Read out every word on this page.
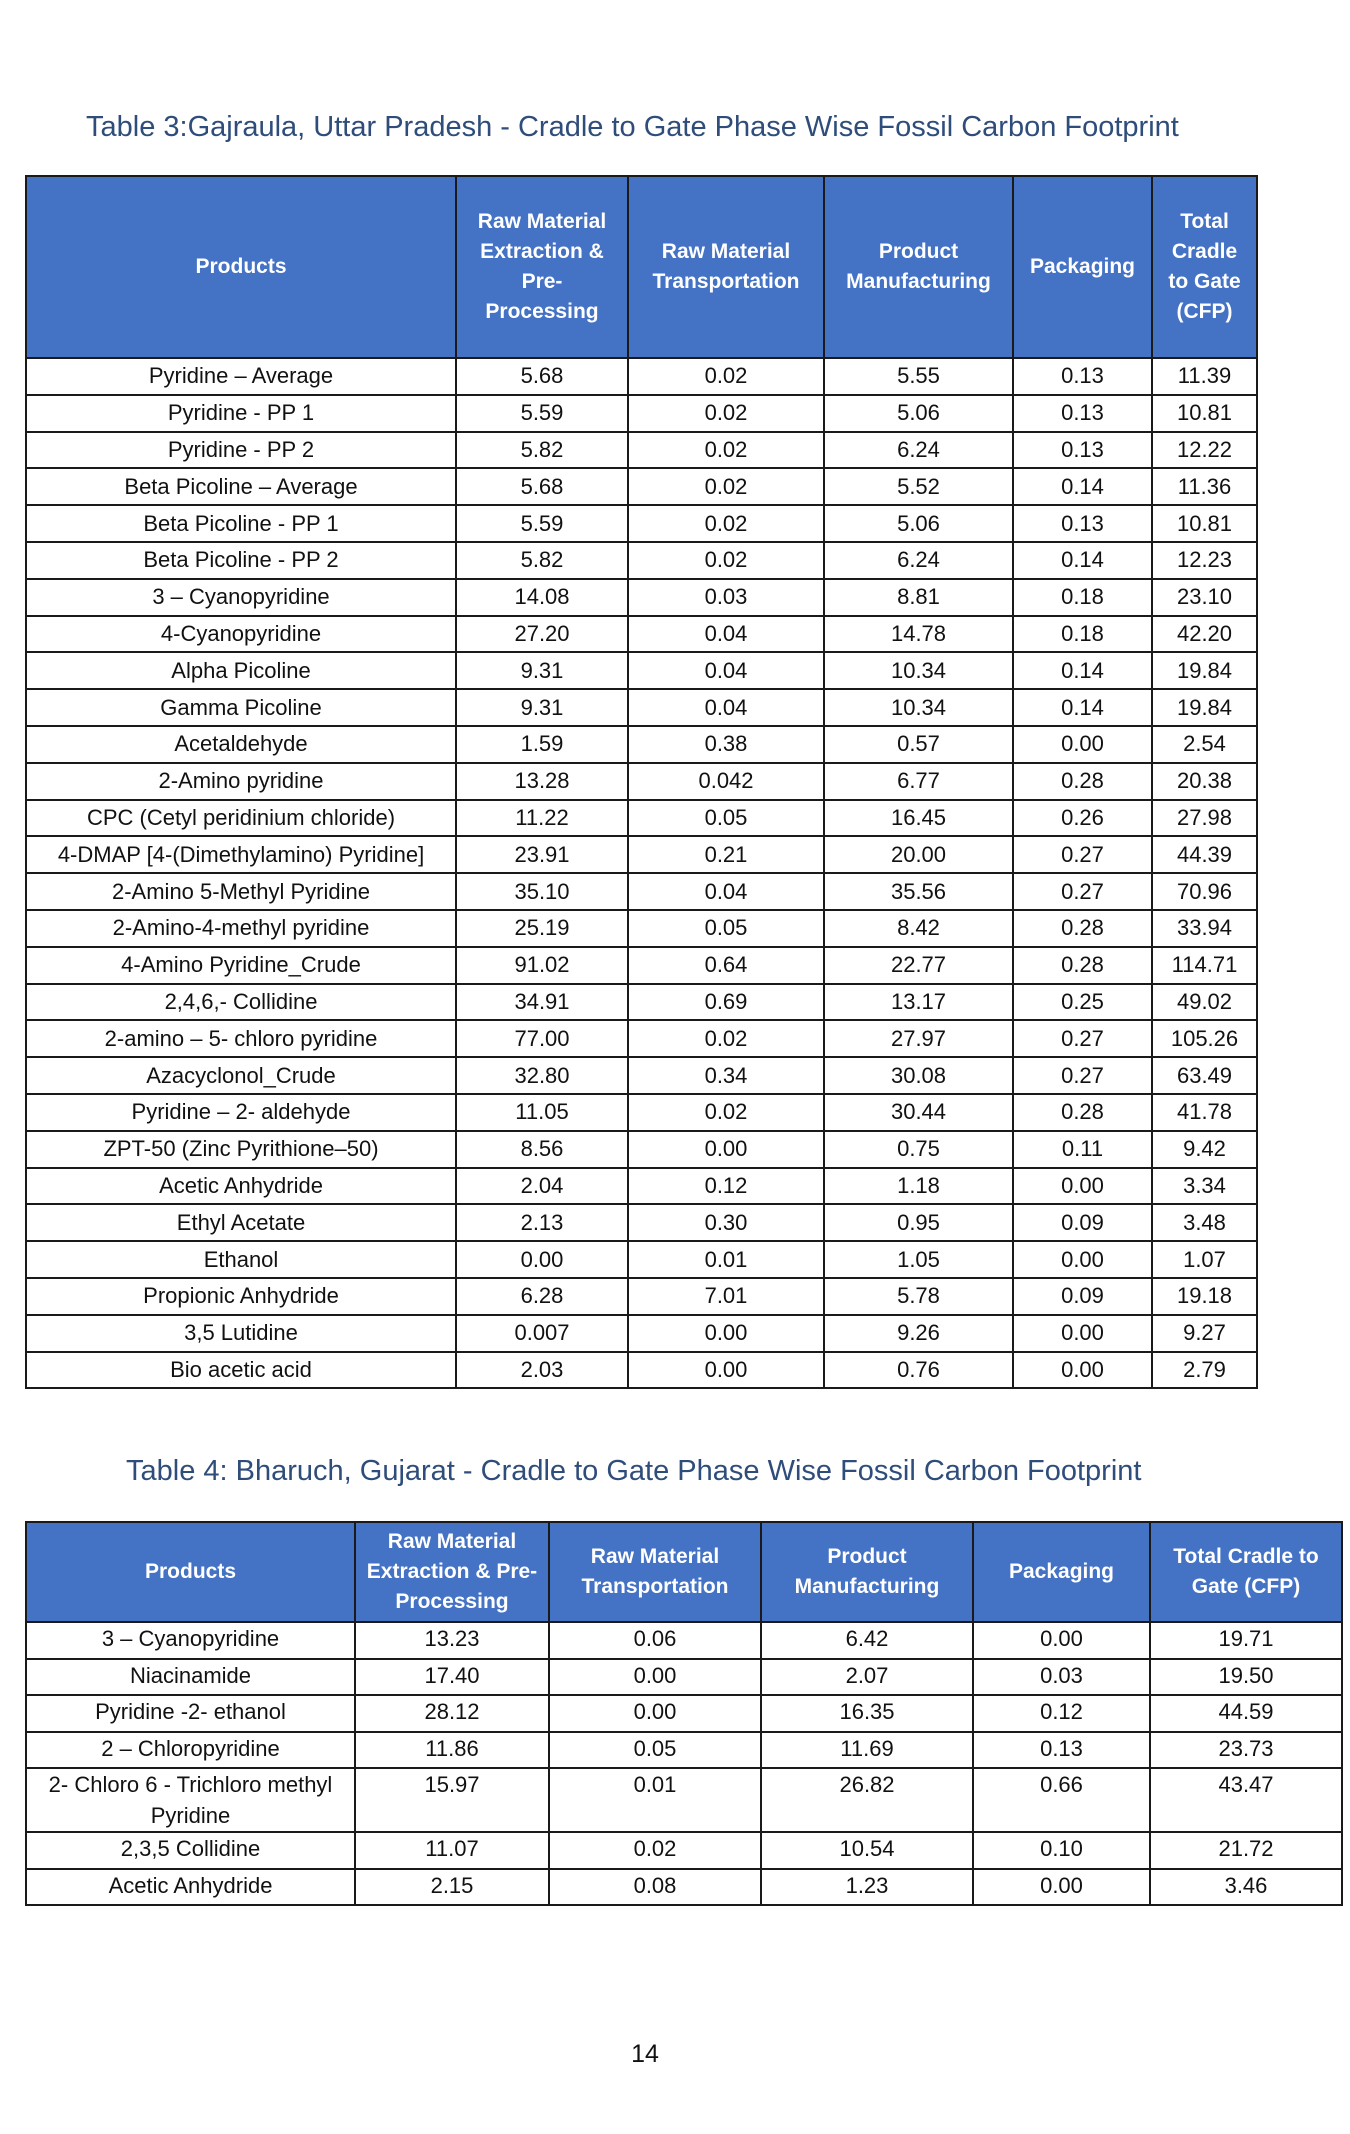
Table 3:Gajraula, Uttar Pradesh - Cradle to Gate Phase Wise Fossil Carbon Footprint
Products	Raw Material Extraction & Pre-Processing	Raw Material Transportation	Product Manufacturing	Packaging	Total Cradle to Gate (CFP)
Pyridine – Average	5.68	0.02	5.55	0.13	11.39
Pyridine - PP 1	5.59	0.02	5.06	0.13	10.81
Pyridine - PP 2	5.82	0.02	6.24	0.13	12.22
Beta Picoline – Average	5.68	0.02	5.52	0.14	11.36
Beta Picoline - PP 1	5.59	0.02	5.06	0.13	10.81
Beta Picoline - PP 2	5.82	0.02	6.24	0.14	12.23
3 – Cyanopyridine	14.08	0.03	8.81	0.18	23.10
4-Cyanopyridine	27.20	0.04	14.78	0.18	42.20
Alpha Picoline	9.31	0.04	10.34	0.14	19.84
Gamma Picoline	9.31	0.04	10.34	0.14	19.84
Acetaldehyde	1.59	0.38	0.57	0.00	2.54
2-Amino pyridine	13.28	0.042	6.77	0.28	20.38
CPC (Cetyl peridinium chloride)	11.22	0.05	16.45	0.26	27.98
4-DMAP [4-(Dimethylamino) Pyridine]	23.91	0.21	20.00	0.27	44.39
2-Amino 5-Methyl Pyridine	35.10	0.04	35.56	0.27	70.96
2-Amino-4-methyl pyridine	25.19	0.05	8.42	0.28	33.94
4-Amino Pyridine_Crude	91.02	0.64	22.77	0.28	114.71
2,4,6,- Collidine	34.91	0.69	13.17	0.25	49.02
2-amino – 5- chloro pyridine	77.00	0.02	27.97	0.27	105.26
Azacyclonol_Crude	32.80	0.34	30.08	0.27	63.49
Pyridine – 2- aldehyde	11.05	0.02	30.44	0.28	41.78
ZPT-50 (Zinc Pyrithione–50)	8.56	0.00	0.75	0.11	9.42
Acetic Anhydride	2.04	0.12	1.18	0.00	3.34
Ethyl Acetate	2.13	0.30	0.95	0.09	3.48
Ethanol	0.00	0.01	1.05	0.00	1.07
Propionic Anhydride	6.28	7.01	5.78	0.09	19.18
3,5 Lutidine	0.007	0.00	9.26	0.00	9.27
Bio acetic acid	2.03	0.00	0.76	0.00	2.79
Table 4: Bharuch, Gujarat - Cradle to Gate Phase Wise Fossil Carbon Footprint
Products	Raw Material Extraction & Pre-Processing	Raw Material Transportation	Product Manufacturing	Packaging	Total Cradle to Gate (CFP)
3 – Cyanopyridine	13.23	0.06	6.42	0.00	19.71
Niacinamide	17.40	0.00	2.07	0.03	19.50
Pyridine -2- ethanol	28.12	0.00	16.35	0.12	44.59
2 – Chloropyridine	11.86	0.05	11.69	0.13	23.73
2- Chloro 6 - Trichloro methyl Pyridine	15.97	0.01	26.82	0.66	43.47
2,3,5 Collidine	11.07	0.02	10.54	0.10	21.72
Acetic Anhydride	2.15	0.08	1.23	0.00	3.46
14
